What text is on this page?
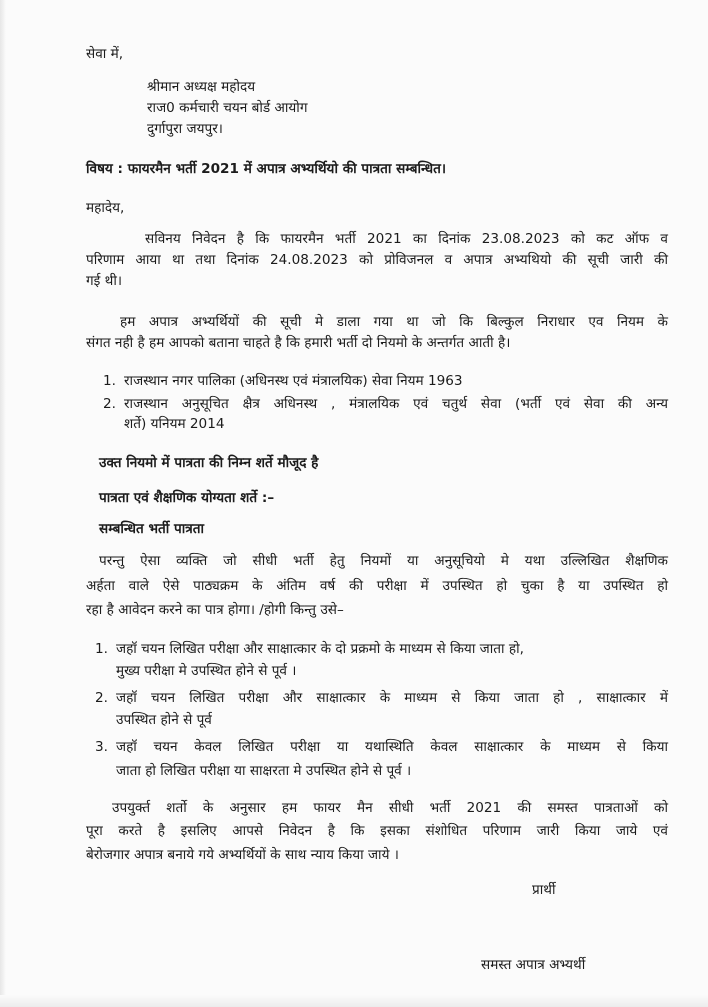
सेवा में,
श्रीमान अध्यक्ष महोदय
राज0 कर्मचारी चयन बोर्ड आयोग
दुर्गापुरा जयपुर।
विषय : फायरमैन भर्ती 2021 में अपात्र अभ्यर्थियो की पात्रता सम्बन्धित।
महादेय,
सविनय निवेदन है कि फायरमैन भर्ती 2021 का दिनांक 23.08.2023 को कट ऑफ व
परिणाम आया था तथा दिनांक 24.08.2023 को प्रोविजनल व अपात्र अभ्यथियो की सूची जारी की
गई थी।
हम अपात्र अभ्यर्थियों की सूची मे डाला गया था जो कि बिल्कुल निराधार एव नियम के
संगत नही है हम आपको बताना चाहते है कि हमारी भर्ती दो नियमो के अन्तर्गत आती है।
1. राजस्थान नगर पालिका (अधिनस्थ एवं मंत्रालयिक) सेवा नियम 1963
2. राजस्थान अनुसूचित क्षैत्र अधिनस्थ , मंत्रालयिक एवं चतुर्थ सेवा (भर्ती एवं सेवा की अन्य
शर्ते) यनियम 2014
उक्त नियमो में पात्रता की निम्न शर्ते मौजूद है
पात्रता एवं शैक्षणिक योग्यता शर्ते :–
सम्बन्धित भर्ती पात्रता
परन्तु ऐसा व्यक्ति जो सीधी भर्ती हेतु नियमों या अनुसूचियो मे यथा उल्लिखित शैक्षणिक
अर्हता वाले ऐसे पाठ्यक्रम के अंतिम वर्ष की परीक्षा में उपस्थित हो चुका है या उपस्थित हो
रहा है आवेदन करने का पात्र होगा। /होगी किन्तु उसे–
1. जहॉ चयन लिखित परीक्षा और साक्षात्कार के दो प्रक्रमो के माध्यम से किया जाता हो,
मुख्य परीक्षा मे उपस्थित होने से पूर्व ।
2. जहॉ चयन लिखित परीक्षा और साक्षात्कार के माध्यम से किया जाता हो , साक्षात्कार में
उपस्थित होने से पूर्व
3. जहॉ चयन केवल लिखित परीक्षा या यथास्थिति केवल साक्षात्कार के माध्यम से किया
जाता हो लिखित परीक्षा या साक्षरता मे उपस्थित होने से पूर्व ।
उपयुर्क्त शर्तो के अनुसार हम फायर मैन सीधी भर्ती 2021 की समस्त पात्रताओं को
पूरा करते है इसलिए आपसे निवेदन है कि इसका संशोधित परिणाम जारी किया जाये एवं
बेरोजगार अपात्र बनाये गये अभ्यर्थियों के साथ न्याय किया जाये ।
प्रार्थी
समस्त अपात्र अभ्यर्थी
